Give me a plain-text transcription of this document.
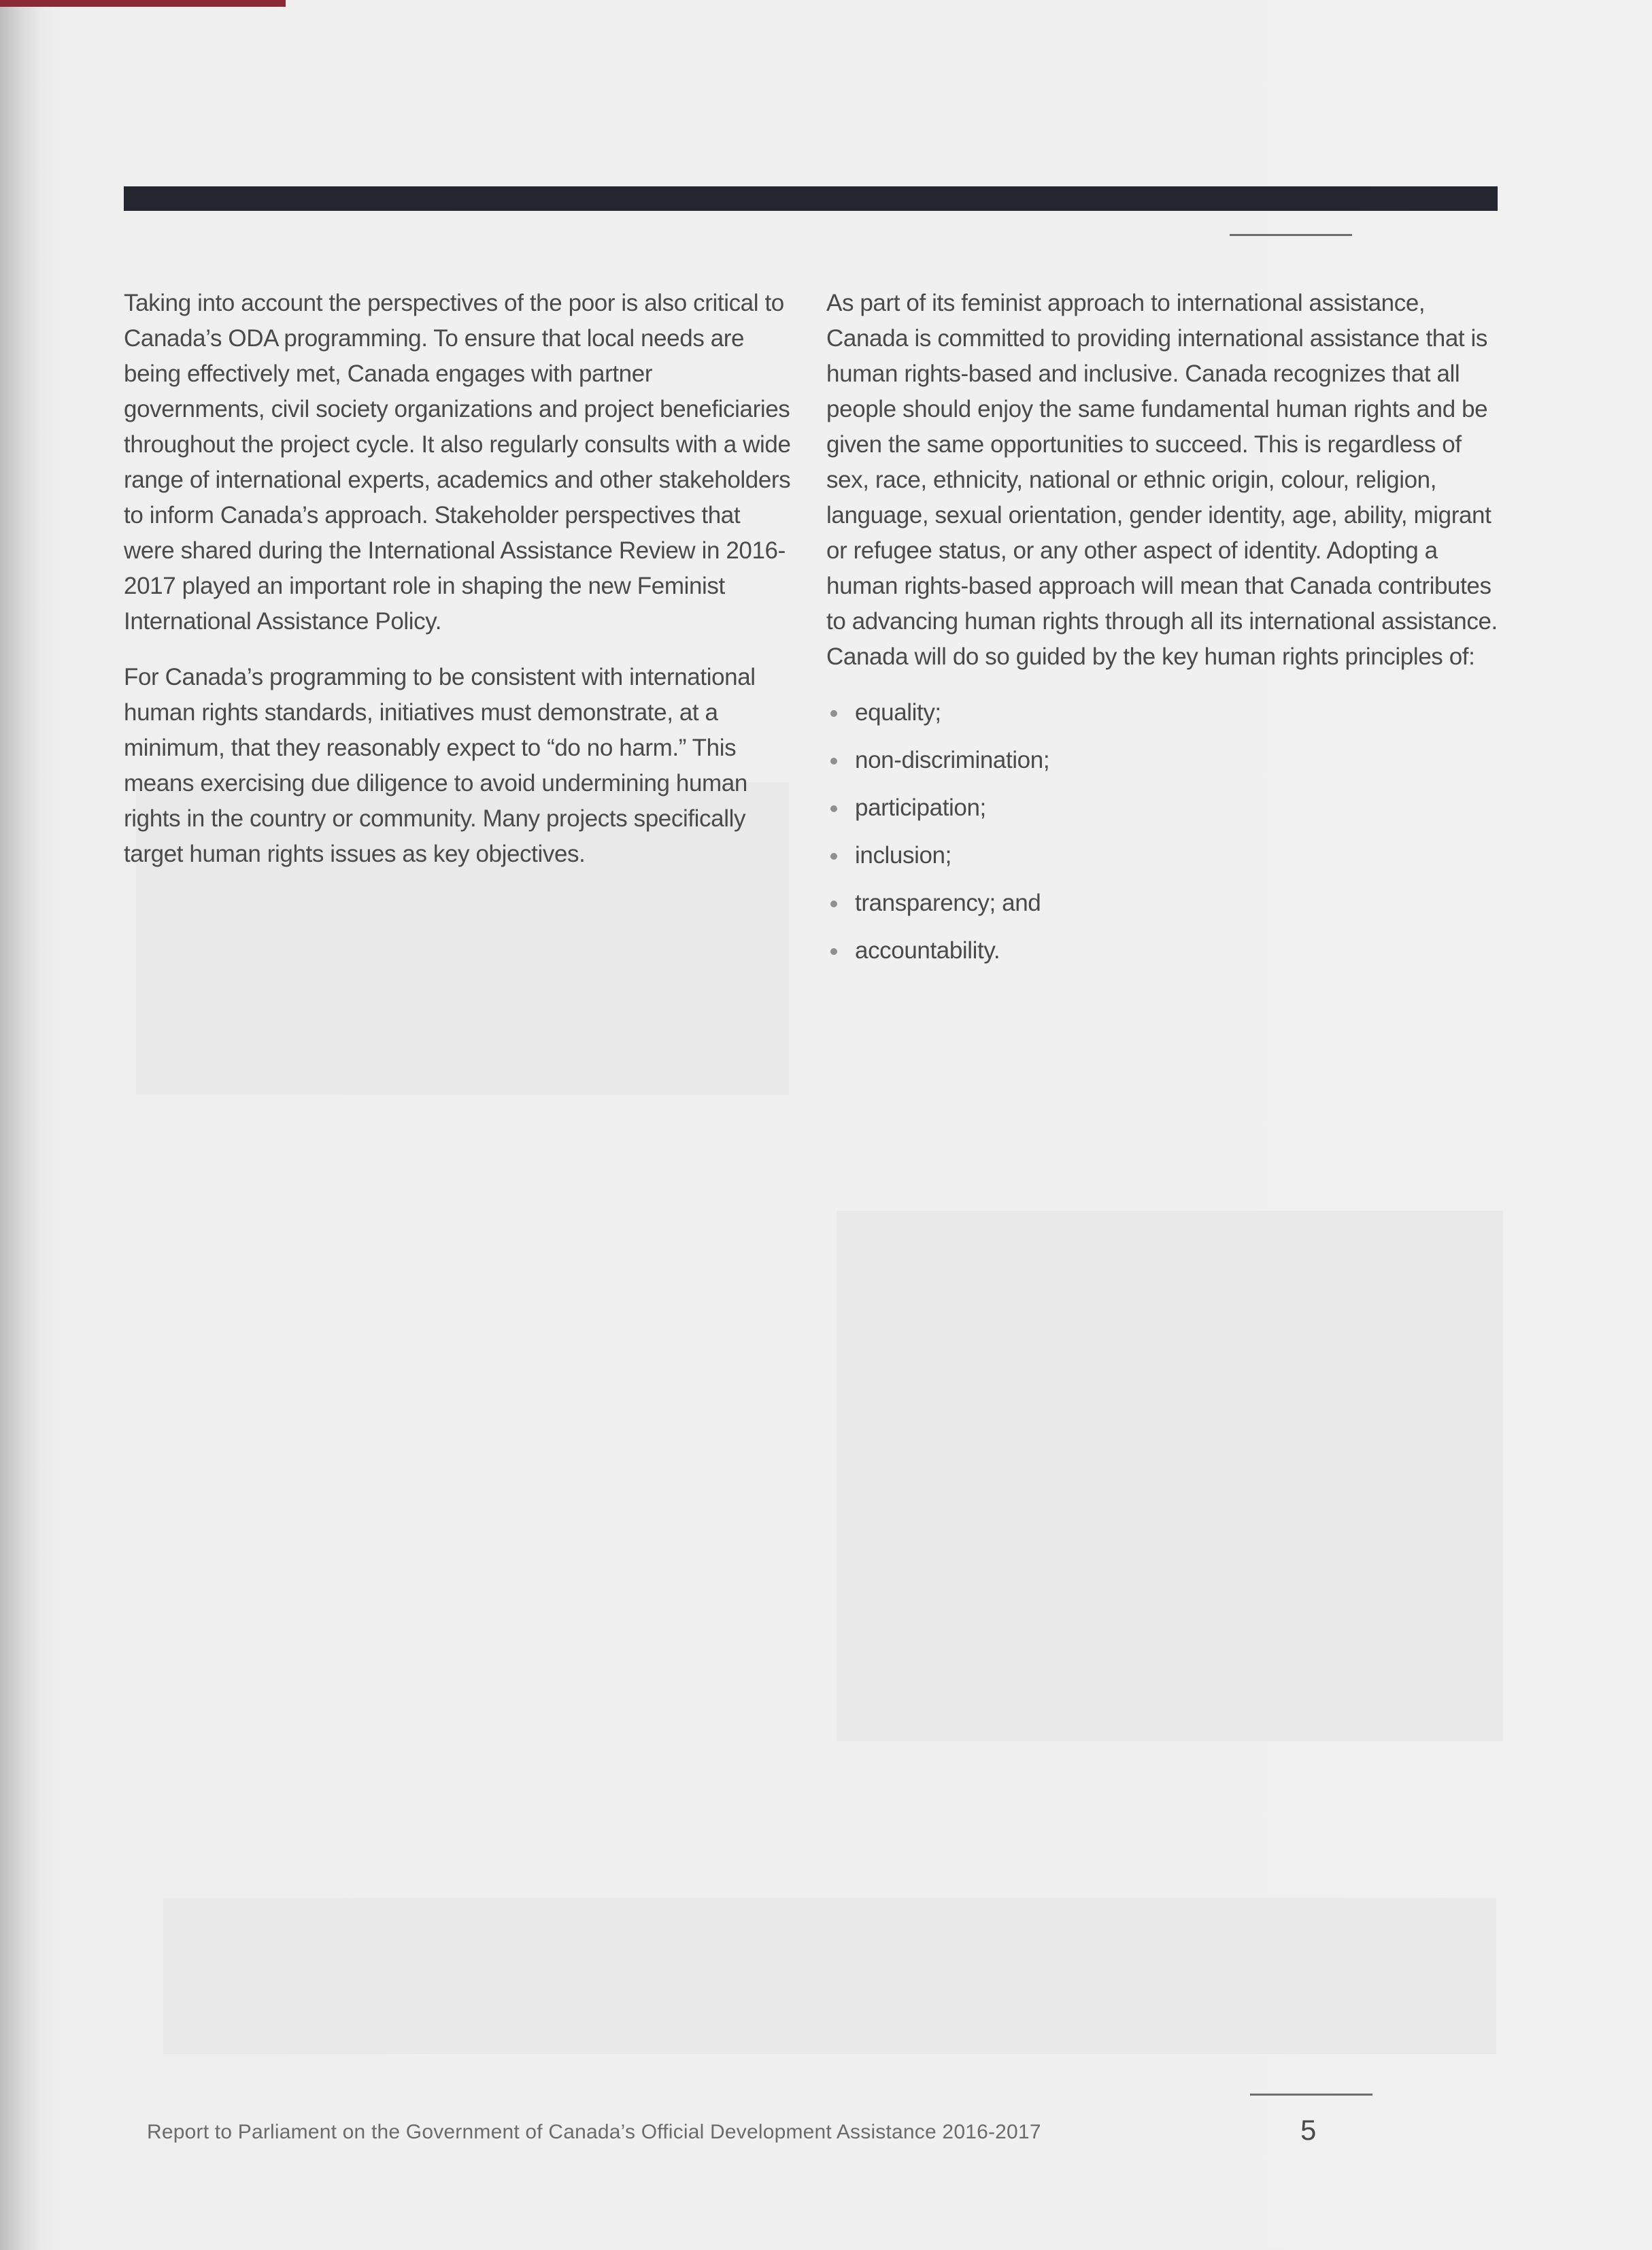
Taking into account the perspectives of the poor is also critical to Canada’s ODA programming. To ensure that local needs are being effectively met, Canada engages with partner governments, civil society organizations and project beneficiaries throughout the project cycle. It also regularly consults with a wide range of international experts, academics and other stakeholders to inform Canada’s approach. Stakeholder perspectives that were shared during the International Assistance Review in 2016-2017 played an important role in shaping the new Feminist International Assistance Policy.

For Canada’s programming to be consistent with international human rights standards, initiatives must demonstrate, at a minimum, that they reasonably expect to “do no harm.” This means exercising due diligence to avoid undermining human rights in the country or community. Many projects specifically target human rights issues as key objectives.

As part of its feminist approach to international assistance, Canada is committed to providing international assistance that is human rights-based and inclusive. Canada recognizes that all people should enjoy the same fundamental human rights and be given the same opportunities to succeed. This is regardless of sex, race, ethnicity, national or ethnic origin, colour, religion, language, sexual orientation, gender identity, age, ability, migrant or refugee status, or any other aspect of identity. Adopting a human rights-based approach will mean that Canada contributes to advancing human rights through all its international assistance. Canada will do so guided by the key human rights principles of:

equality;
non-discrimination;
participation;
inclusion;
transparency; and
accountability.
Report to Parliament on the Government of Canada’s Official Development Assistance 2016-2017	5
